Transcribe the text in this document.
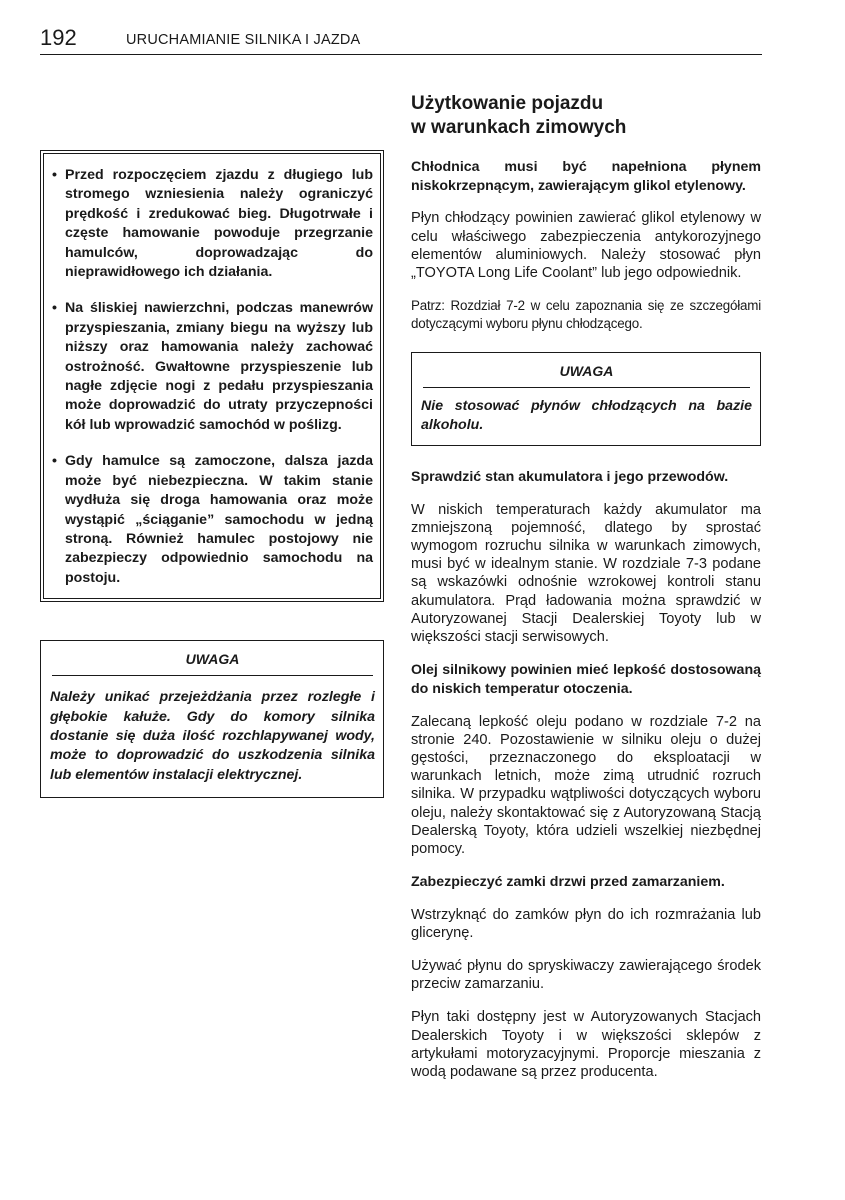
192	URUCHAMIANIE SILNIKA I JAZDA
• Przed rozpoczęciem zjazdu z długiego lub stromego wzniesienia należy ograniczyć prędkość i zredukować bieg. Długotrwałe i częste hamowanie powoduje przegrzanie hamulców, doprowadzając do nieprawidłowego ich działania.
• Na śliskiej nawierzchni, podczas manewrów przyspieszania, zmiany biegu na wyższy lub niższy oraz hamowania należy zachować ostrożność. Gwałtowne przyspieszenie lub nagłe zdjęcie nogi z pedału przyspieszania może doprowadzić do utraty przyczepności kół lub wprowadzić samochód w poślizg.
• Gdy hamulce są zamoczone, dalsza jazda może być niebezpieczna. W takim stanie wydłuża się droga hamowania oraz może wystąpić „ściąganie” samochodu w jedną stroną. Również hamulec postojowy nie zabezpieczy odpowiednio samochodu na postoju.
UWAGA
Należy unikać przejeżdżania przez rozległe i głębokie kałuże. Gdy do komory silnika dostanie się duża ilość rozchlapywanej wody, może to doprowadzić do uszkodzenia silnika lub elementów instalacji elektrycznej.
Użytkowanie pojazdu
w warunkach zimowych
Chłodnica musi być napełniona płynem niskokrzepnącym, zawierającym glikol etylenowy.
Płyn chłodzący powinien zawierać glikol etylenowy w celu właściwego zabezpieczenia antykorozyjnego elementów aluminiowych. Należy stosować płyn „TOYOTA Long Life Coolant” lub jego odpowiednik.
Patrz: Rozdział 7-2 w celu zapoznania się ze szczegółami dotyczącymi wyboru płynu chłodzącego.
UWAGA
Nie stosować płynów chłodzących na bazie alkoholu.
Sprawdzić stan akumulatora i jego przewodów.
W niskich temperaturach każdy akumulator ma zmniejszoną pojemność, dlatego by sprostać wymogom rozruchu silnika w warunkach zimowych, musi być w idealnym stanie. W rozdziale 7-3 podane są wskazówki odnośnie wzrokowej kontroli stanu akumulatora. Prąd ładowania można sprawdzić w Autoryzowanej Stacji Dealerskiej Toyoty lub w większości stacji serwisowych.
Olej silnikowy powinien mieć lepkość dostosowaną do niskich temperatur otoczenia.
Zalecaną lepkość oleju podano w rozdziale 7-2 na stronie 240. Pozostawienie w silniku oleju o dużej gęstości, przeznaczonego do eksploatacji w warunkach letnich, może zimą utrudnić rozruch silnika. W przypadku wątpliwości dotyczących wyboru oleju, należy skontaktować się z Autoryzowaną Stacją Dealerską Toyoty, która udzieli wszelkiej niezbędnej pomocy.
Zabezpieczyć zamki drzwi przed zamarzaniem.
Wstrzyknąć do zamków płyn do ich rozmrażania lub glicerynę.
Używać płynu do spryskiwaczy zawierającego środek przeciw zamarzaniu.
Płyn taki dostępny jest w Autoryzowanych Stacjach Dealerskich Toyoty i w większości sklepów z artykułami motoryzacyjnymi. Proporcje mieszania z wodą podawane są przez producenta.
